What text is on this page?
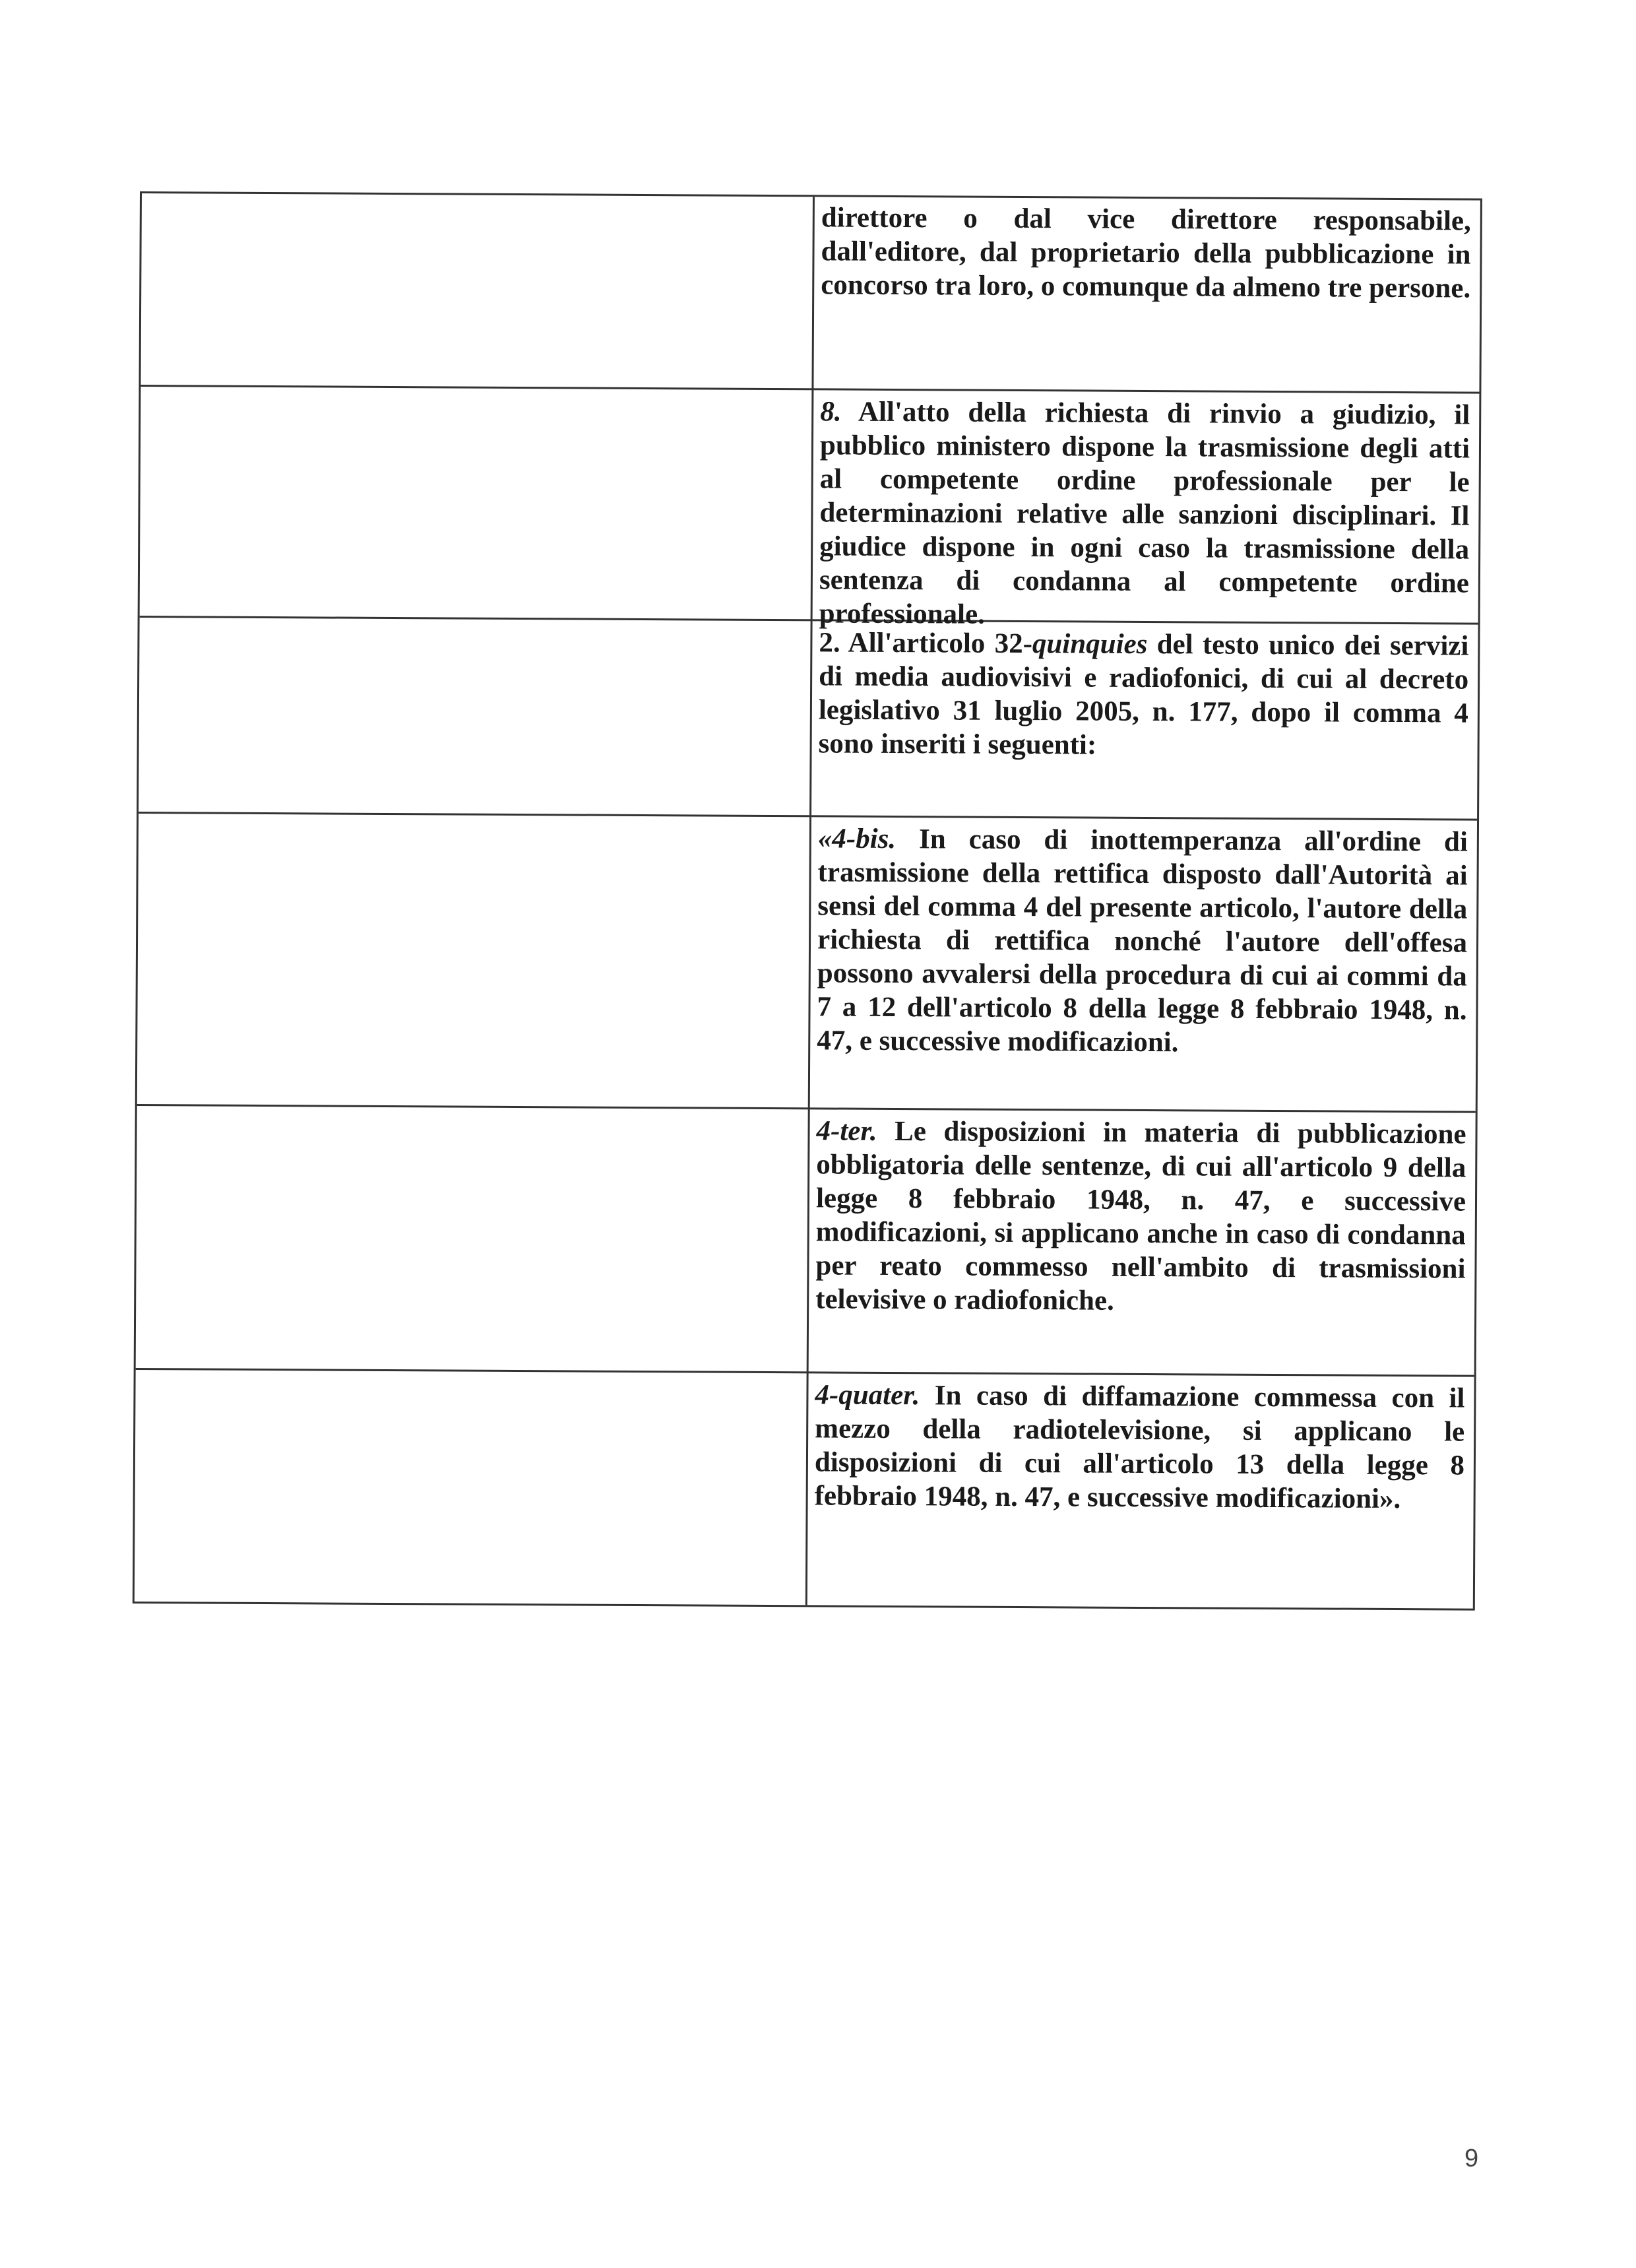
direttore o dal vice direttore responsabile, dall'editore, dal proprietario della pubblicazione in concorso tra loro, o comunque da almeno tre persone.

8. All'atto della richiesta di rinvio a giudizio, il pubblico ministero dispone la trasmissione degli atti al competente ordine professionale per le determinazioni relative alle sanzioni disciplinari. Il giudice dispone in ogni caso la trasmissione della sentenza di condanna al competente ordine professionale.

2. All'articolo 32-quinquies del testo unico dei servizi di media audiovisivi e radiofonici, di cui al decreto legislativo 31 luglio 2005, n. 177, dopo il comma 4 sono inseriti i seguenti:

«4-bis. In caso di inottemperanza all'ordine di trasmissione della rettifica disposto dall'Autorità ai sensi del comma 4 del presente articolo, l'autore della richiesta di rettifica nonché l'autore dell'offesa possono avvalersi della procedura di cui ai commi da 7 a 12 dell'articolo 8 della legge 8 febbraio 1948, n. 47, e successive modificazioni.

4-ter. Le disposizioni in materia di pubblicazione obbligatoria delle sentenze, di cui all'articolo 9 della legge 8 febbraio 1948, n. 47, e successive modificazioni, si applicano anche in caso di condanna per reato commesso nell'ambito di trasmissioni televisive o radiofoniche.

4-quater. In caso di diffamazione commessa con il mezzo della radiotelevisione, si applicano le disposizioni di cui all'articolo 13 della legge 8 febbraio 1948, n. 47, e successive modificazioni».

9
